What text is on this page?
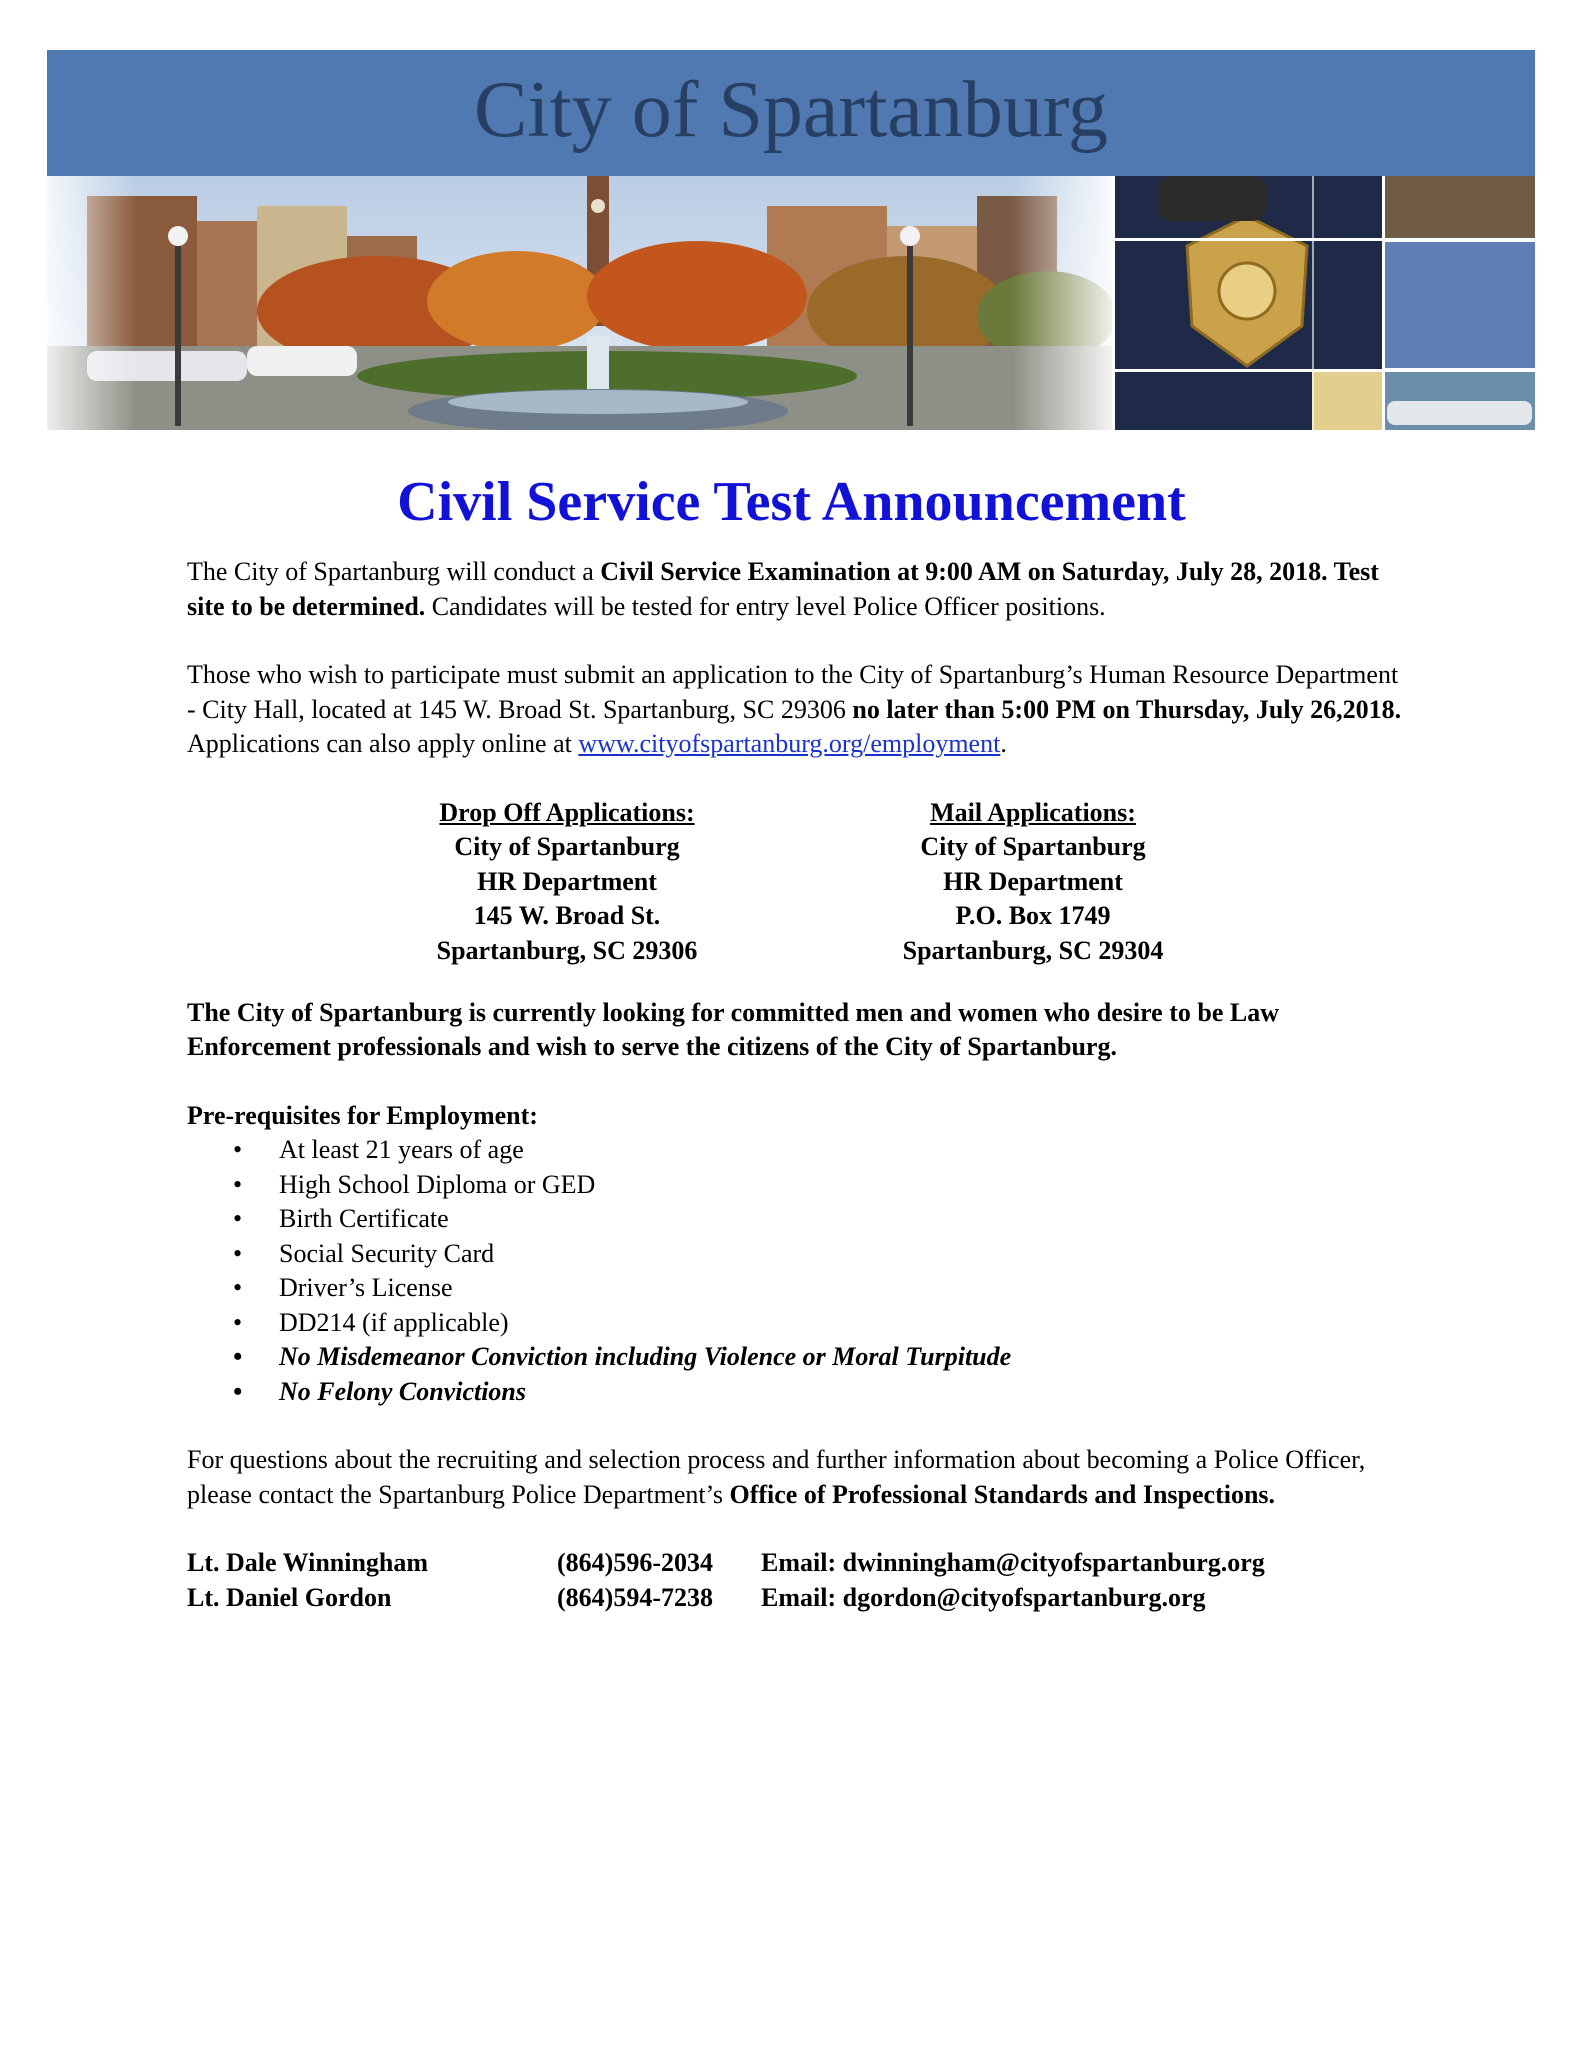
City of Spartanburg
Civil Service Test Announcement

The City of Spartanburg will conduct a Civil Service Examination at 9:00 AM on Saturday, July 28, 2018. Test site to be determined. Candidates will be tested for entry level Police Officer positions.

Those who wish to participate must submit an application to the City of Spartanburg’s Human Resource Department - City Hall, located at 145 W. Broad St. Spartanburg, SC 29306 no later than 5:00 PM on Thursday, July 26,2018. Applications can also apply online at www.cityofspartanburg.org/employment.

Drop Off Applications:
City of Spartanburg
HR Department
145 W. Broad St.
Spartanburg, SC 29306
Mail Applications:
City of Spartanburg
HR Department
P.O. Box 1749
Spartanburg, SC 29304

The City of Spartanburg is currently looking for committed men and women who desire to be Law Enforcement professionals and wish to serve the citizens of the City of Spartanburg.

Pre-requisites for Employment:

• At least 21 years of age
• High School Diploma or GED
• Birth Certificate
• Social Security Card
• Driver’s License
• DD214 (if applicable)
• No Misdemeanor Conviction including Violence or Moral Turpitude
• No Felony Convictions

For questions about the recruiting and selection process and further information about becoming a Police Officer, please contact the Spartanburg Police Department’s Office of Professional Standards and Inspections.

Lt. Dale Winningham	(864)596-2034 Email: dwinningham@cityofspartanburg.org
Lt. Daniel Gordon	(864)594-7238 Email: dgordon@cityofspartanburg.org
